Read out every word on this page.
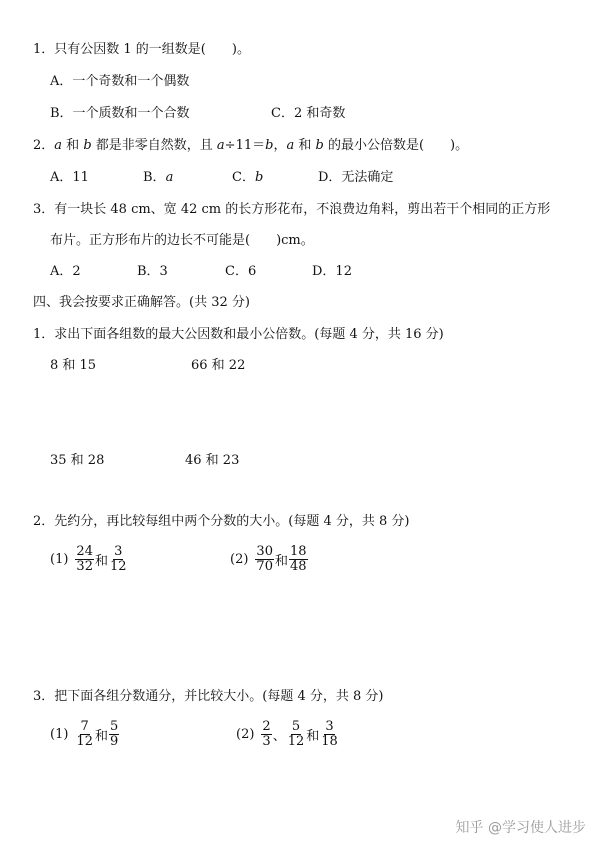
1．只有公因数 1 的一组数是(　　)。
A．一个奇数和一个偶数
B．一个质数和一个合数	C．2 和奇数
2．a 和 b 都是非零自然数，且 a÷11＝b，a 和 b 的最小公倍数是(　　)。
A．11	B．a	C．b	D．无法确定
3．有一块长 48 cm、宽 42 cm 的长方形花布，不浪费边角料，剪出若干个相同的正方形
布片。正方形布片的边长不可能是(　　)cm。
A．2	B．3	C．6	D．12
四、我会按要求正确解答。(共 32 分)
1．求出下面各组数的最大公因数和最小公倍数。(每题 4 分，共 16 分)
8 和 15	66 和 22
35 和 28	46 和 23
2．先约分，再比较每组中两个分数的大小。(每题 4 分，共 8 分)
$(1) \frac{24}{32}$ 和 $\frac{3}{12}$	$(2) \frac{30}{70}$ 和 $\frac{18}{48}$
3．把下面各组分数通分，并比较大小。(每题 4 分，共 8 分)
$(1) \frac{7}{12}$ 和 $\frac{5}{9}$	$(2) \frac{2}{3}$ 、 $\frac{5}{12}$ 和 $\frac{3}{18}$
知乎 @学习使人进步
